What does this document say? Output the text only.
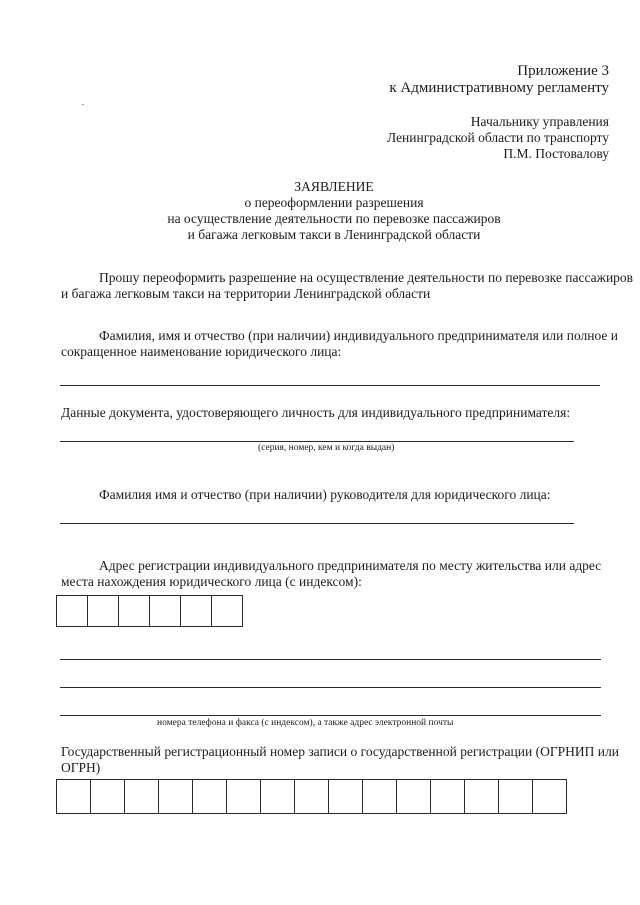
Приложение 3
к Административному регламенту
Начальнику управления
Ленинградской области по транспорту
П.М. Постовалову
ЗАЯВЛЕНИЕ
о переоформлении разрешения
на осуществление деятельности по перевозке пассажиров
и багажа легковым такси в Ленинградской области
Прошу переоформить разрешение на осуществление деятельности по перевозке пассажиров
и багажа легковым такси на территории Ленинградской области
Фамилия, имя и отчество (при наличии) индивидуального предпринимателя или полное и
сокращенное наименование юридического лица:
Данные документа, удостоверяющего личность для индивидуального предпринимателя:
(серия, номер, кем и когда выдан)
Фамилия имя и отчество (при наличии) руководителя для юридического лица:
Адрес регистрации индивидуального предпринимателя по месту жительства или адрес
места нахождения юридического лица (с индексом):
номера телефона и факса (с индексом), а также адрес электронной почты
Государственный регистрационный номер записи о государственной регистрации (ОГРНИП или
ОГРН)
